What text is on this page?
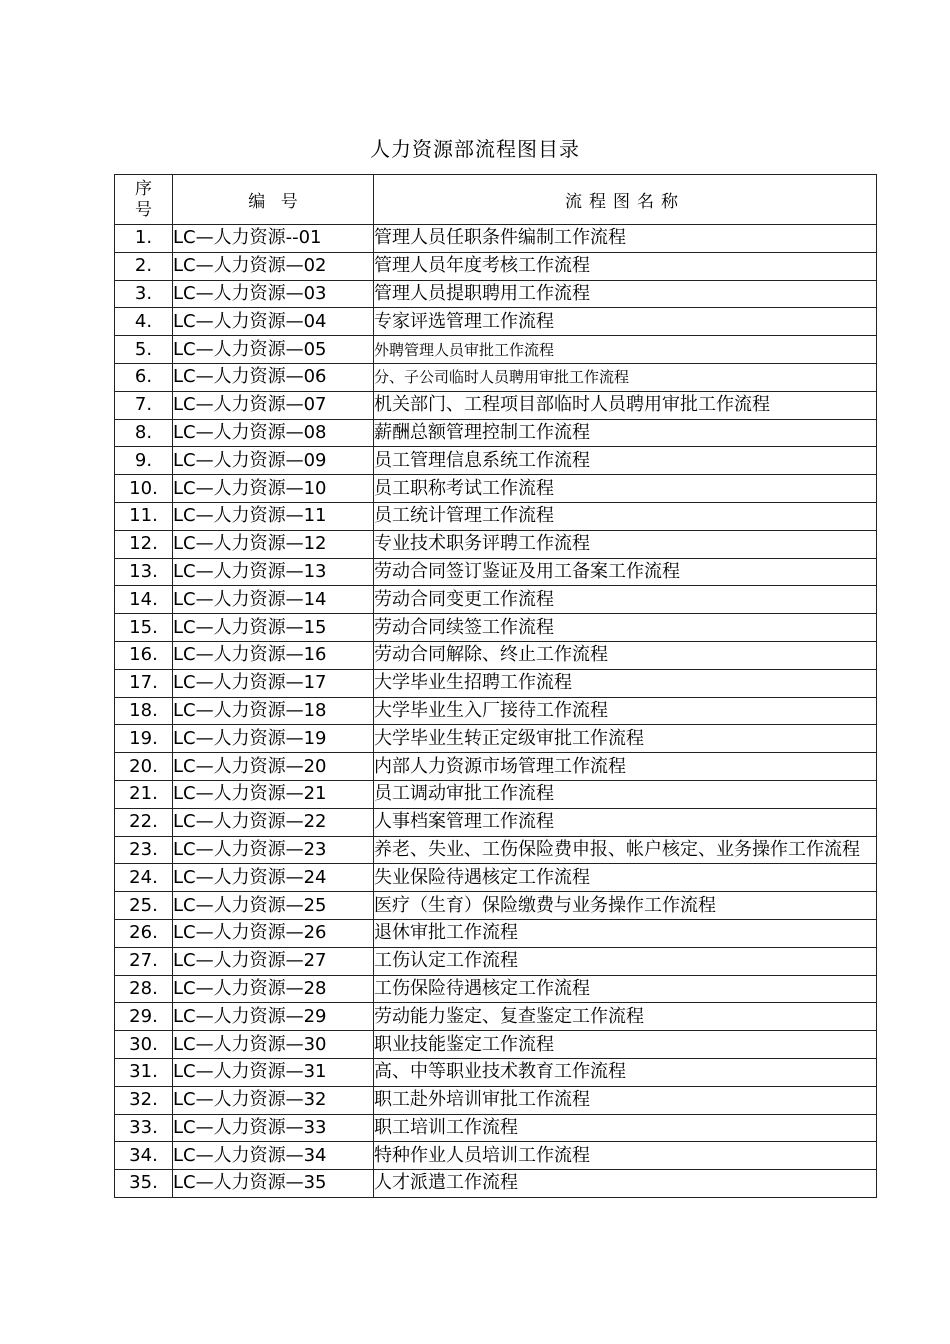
人力资源部流程图目录
序
号	编 号	流程图名称
1.	LC—人力资源--01	管理人员任职条件编制工作流程
2.	LC—人力资源—02	管理人员年度考核工作流程
3.	LC—人力资源—03	管理人员提职聘用工作流程
4.	LC—人力资源—04	专家评选管理工作流程
5.	LC—人力资源—05	外聘管理人员审批工作流程
6.	LC—人力资源—06	分、子公司临时人员聘用审批工作流程
7.	LC—人力资源—07	机关部门、工程项目部临时人员聘用审批工作流程
8.	LC—人力资源—08	薪酬总额管理控制工作流程
9.	LC—人力资源—09	员工管理信息系统工作流程
10.	LC—人力资源—10	员工职称考试工作流程
11.	LC—人力资源—11	员工统计管理工作流程
12.	LC—人力资源—12	专业技术职务评聘工作流程
13.	LC—人力资源—13	劳动合同签订鉴证及用工备案工作流程
14.	LC—人力资源—14	劳动合同变更工作流程
15.	LC—人力资源—15	劳动合同续签工作流程
16.	LC—人力资源—16	劳动合同解除、终止工作流程
17.	LC—人力资源—17	大学毕业生招聘工作流程
18.	LC—人力资源—18	大学毕业生入厂接待工作流程
19.	LC—人力资源—19	大学毕业生转正定级审批工作流程
20.	LC—人力资源—20	内部人力资源市场管理工作流程
21.	LC—人力资源—21	员工调动审批工作流程
22.	LC—人力资源—22	人事档案管理工作流程
23.	LC—人力资源—23	养老、失业、工伤保险费申报、帐户核定、业务操作工作流程
24.	LC—人力资源—24	失业保险待遇核定工作流程
25.	LC—人力资源—25	医疗（生育）保险缴费与业务操作工作流程
26.	LC—人力资源—26	退休审批工作流程
27.	LC—人力资源—27	工伤认定工作流程
28.	LC—人力资源—28	工伤保险待遇核定工作流程
29.	LC—人力资源—29	劳动能力鉴定、复查鉴定工作流程
30.	LC—人力资源—30	职业技能鉴定工作流程
31.	LC—人力资源—31	高、中等职业技术教育工作流程
32.	LC—人力资源—32	职工赴外培训审批工作流程
33.	LC—人力资源—33	职工培训工作流程
34.	LC—人力资源—34	特种作业人员培训工作流程
35.	LC—人力资源—35	人才派遣工作流程
